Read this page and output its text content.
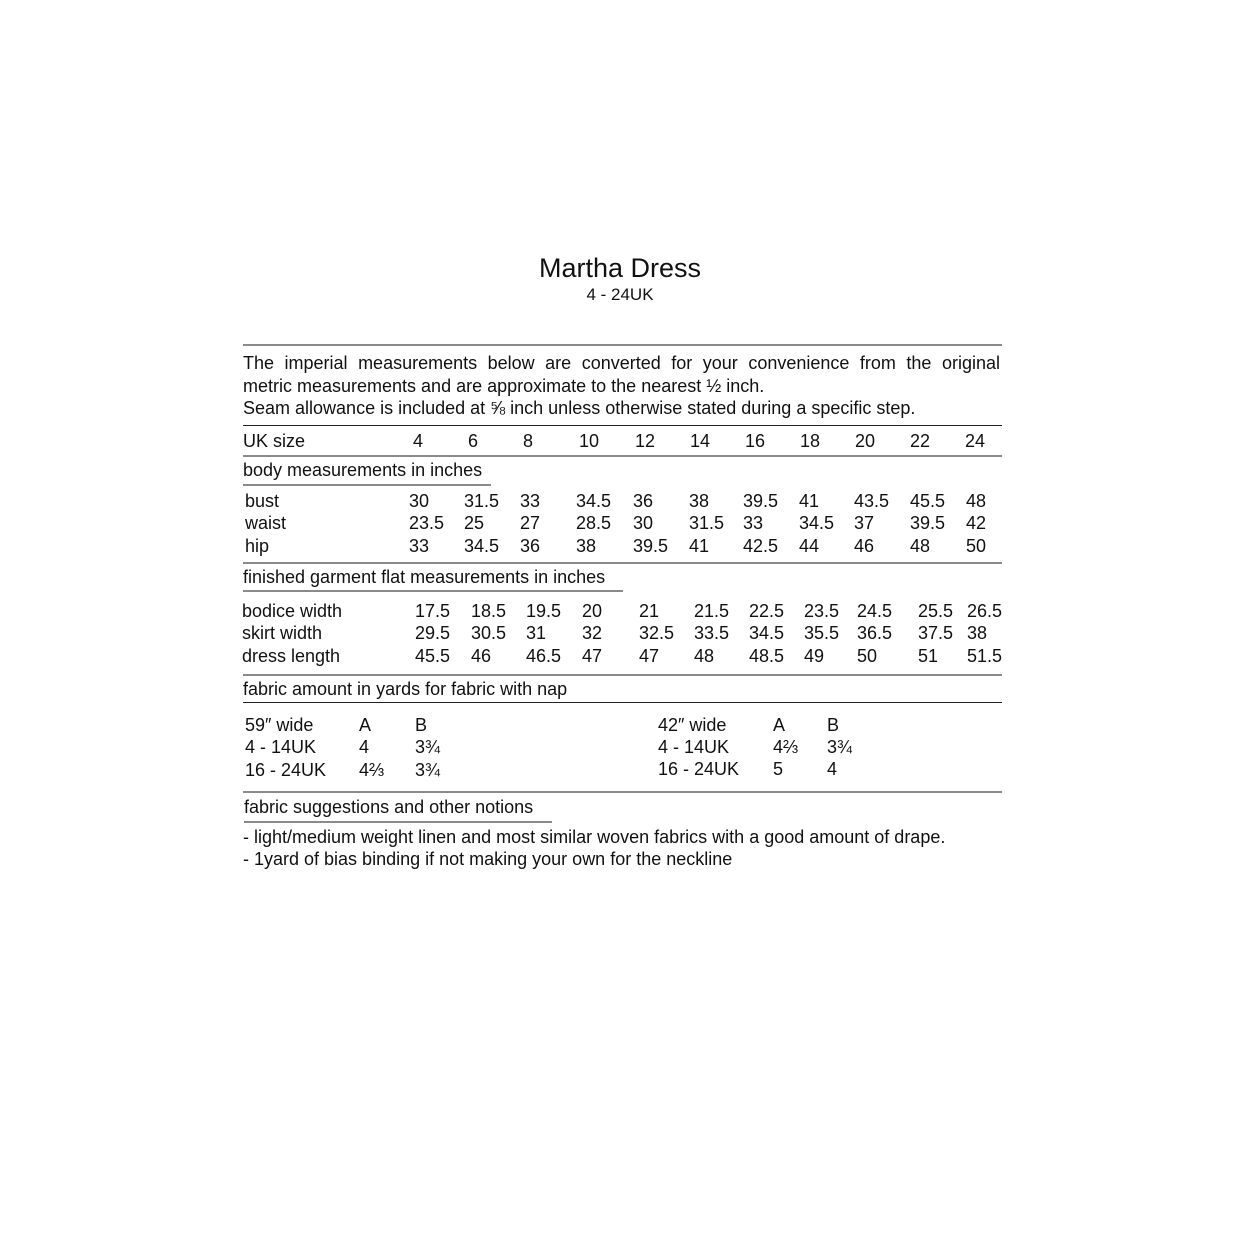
Martha Dress
4 - 24UK
The imperial measurements below are converted for your convenience from the original
metric measurements and are approximate to the nearest ½ inch.
Seam allowance is included at ⅝ inch unless otherwise stated during a specific step.
UK size	4 6 8	10 12 14 16 18 20 22 24
body measurements in inches
bust	30 31.5 33 34.5 36 38 39.5 41 43.5 45.5 48
waist	23.5 25 27 28.5 30 31.5 33 34.5 37 39.5 42
hip	33 34.5 36 38 39.5 41 42.5 44 46 48 50
finished garment flat measurements in inches
bodice width	17.5 18.5 19.5 20 21 21.5 22.5 23.5 24.5 25.5 26.5
skirt width	29.5 30.5 31 32 32.5 33.5 34.5 35.5 36.5 37.5 38
dress length	45.5 46 46.5 47 47 48 48.5 49 50 51 51.5
fabric amount in yards for fabric with nap
59″ wide	A B
4 - 14UK 4	3¾
16 - 24UK 4⅔ 3¾
42″ wide	A B
4 - 14UK 4⅔ 3¾
16 - 24UK 5 4
fabric suggestions and other notions
- light/medium weight linen and most similar woven fabrics with a good amount of drape.
- 1yard of bias binding if not making your own for the neckline
